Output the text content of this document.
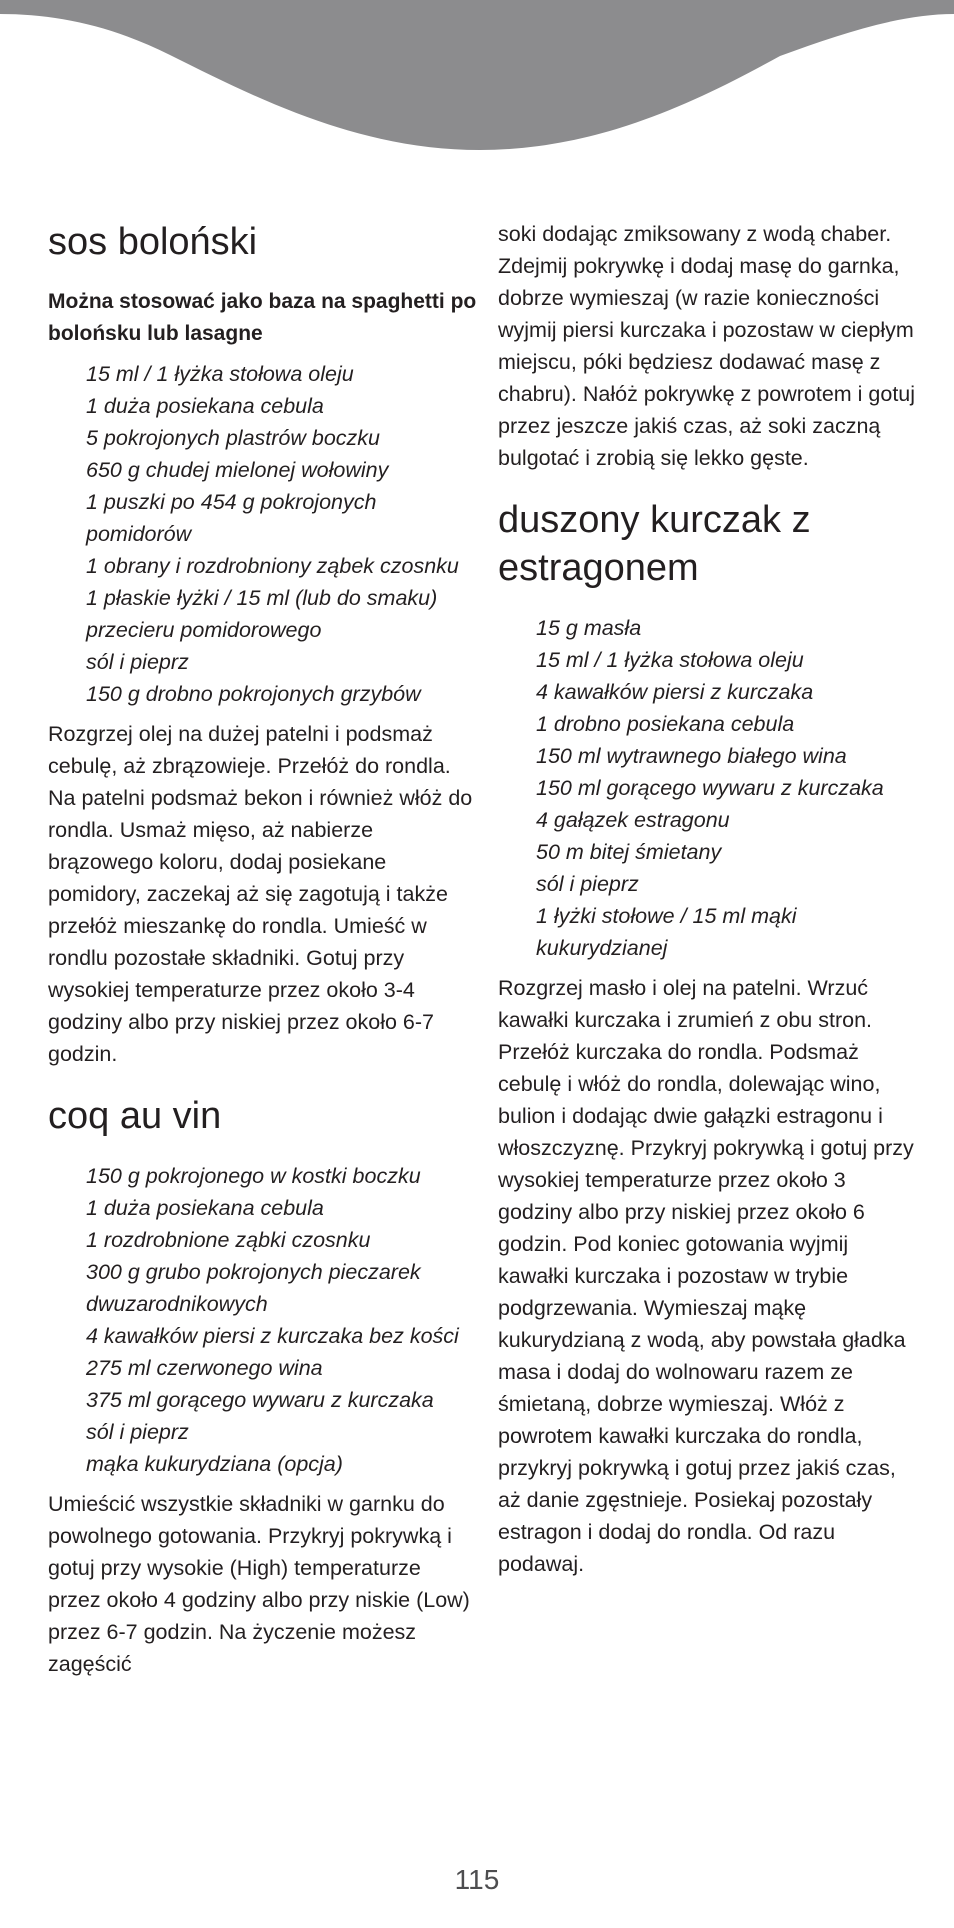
sos boloński
Można stosować jako baza na spaghetti po bolońsku lub lasagne
15 ml / 1 łyżka stołowa oleju
1 duża posiekana cebula
5 pokrojonych plastrów boczku
650 g chudej mielonej wołowiny
1 puszki po 454 g pokrojonych pomidorów
1 obrany i rozdrobniony ząbek czosnku
1 płaskie łyżki / 15 ml (lub do smaku) przecieru pomidorowego
sól i pieprz
150 g drobno pokrojonych grzybów

Rozgrzej olej na dużej patelni i podsmaż cebulę, aż zbrązowieje. Przełóż do rondla. Na patelni podsmaż bekon i również włóż do rondla. Usmaż mięso, aż nabierze brązowego koloru, dodaj posiekane pomidory, zaczekaj aż się zagotują i także przełóż mieszankę do rondla. Umieść w rondlu pozostałe składniki. Gotuj przy wysokiej temperaturze przez około 3-4 godziny albo przy niskiej przez około 6-7 godzin.

coq au vin
150 g pokrojonego w kostki boczku
1 duża posiekana cebula
1 rozdrobnione ząbki czosnku
300 g grubo pokrojonych pieczarek dwuzarodnikowych
4 kawałków piersi z kurczaka bez kości
275 ml czerwonego wina
375 ml gorącego wywaru z kurczaka
sól i pieprz
mąka kukurydziana (opcja)

Umieścić wszystkie składniki w garnku do powolnego gotowania. Przykryj pokrywką i gotuj przy wysokie (High) temperaturze przez około 4 godziny albo przy niskie (Low) przez 6-7 godzin. Na życzenie możesz zagęścić

soki dodając zmiksowany z wodą chaber. Zdejmij pokrywkę i dodaj masę do garnka, dobrze wymieszaj (w razie konieczności wyjmij piersi kurczaka i pozostaw w ciepłym miejscu, póki będziesz dodawać masę z chabru). Nałóż pokrywkę z powrotem i gotuj przez jeszcze jakiś czas, aż soki zaczną bulgotać i zrobią się lekko gęste.

duszony kurczak z estragonem
15 g masła
15 ml / 1 łyżka stołowa oleju
4 kawałków piersi z kurczaka
1 drobno posiekana cebula
150 ml wytrawnego białego wina
150 ml gorącego wywaru z kurczaka
4 gałązek estragonu
50 m bitej śmietany
sól i pieprz
1 łyżki stołowe / 15 ml mąki kukurydzianej

Rozgrzej masło i olej na patelni. Wrzuć kawałki kurczaka i zrumień z obu stron. Przełóż kurczaka do rondla. Podsmaż cebulę i włóż do rondla, dolewając wino, bulion i dodając dwie gałązki estragonu i włoszczyznę. Przykryj pokrywką i gotuj przy wysokiej temperaturze przez około 3 godziny albo przy niskiej przez około 6 godzin. Pod koniec gotowania wyjmij kawałki kurczaka i pozostaw w trybie podgrzewania. Wymieszaj mąkę kukurydzianą z wodą, aby powstała gładka masa i dodaj do wolnowaru razem ze śmietaną, dobrze wymieszaj. Włóż z powrotem kawałki kurczaka do rondla, przykryj pokrywką i gotuj przez jakiś czas, aż danie zgęstnieje. Posiekaj pozostały estragon i dodaj do rondla. Od razu podawaj.

115
